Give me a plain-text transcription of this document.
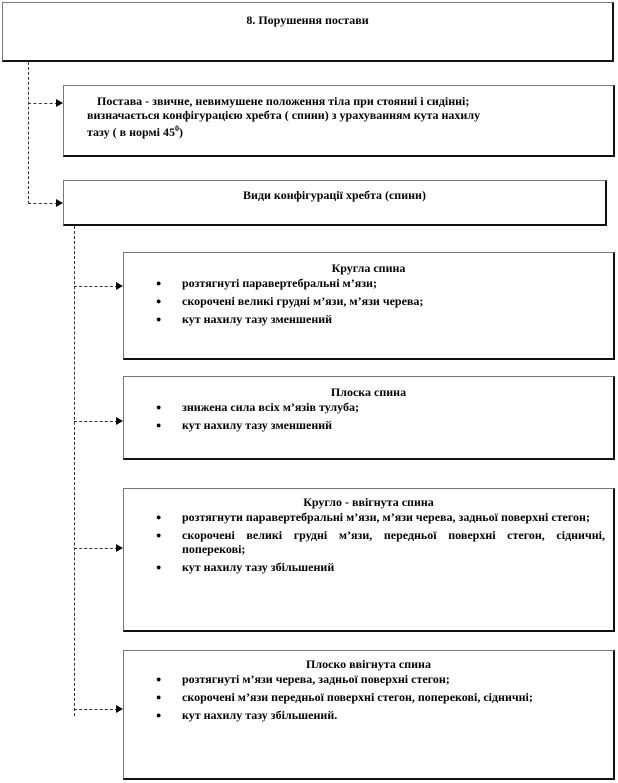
8. Порушення постави
Постава - звичне, невимушене положення тіла при стоянні і сидінні;
визначається конфігурацією хребта ( спини) з урахуванням кута нахилу
тазу ( в нормі $45^0$)
Види конфігурації хребта (спини)
Кругла спина
● розтягнуті паравертебральні м’язи;
● скорочені великі грудні м’язи, м’язи черева;
● кут нахилу тазу зменшений
Плоска спина
● знижена сила всіх м’язів тулуба;
● кут нахилу тазу зменшений
Кругло - ввігнута спина
● розтягнути паравертебральні м’язи, м’язи черева, задньої поверхні стегон;
● скорочені великі грудні м’язи, передньої поверхні стегон, сідничні, поперекові;
● кут нахилу тазу збільшений
Плоско ввігнута спина
● розтягнуті м’язи черева, задньої поверхні стегон;
● скорочені м’язи передньої поверхні стегон, поперекові, сідничні;
● кут нахилу тазу збільшений.
